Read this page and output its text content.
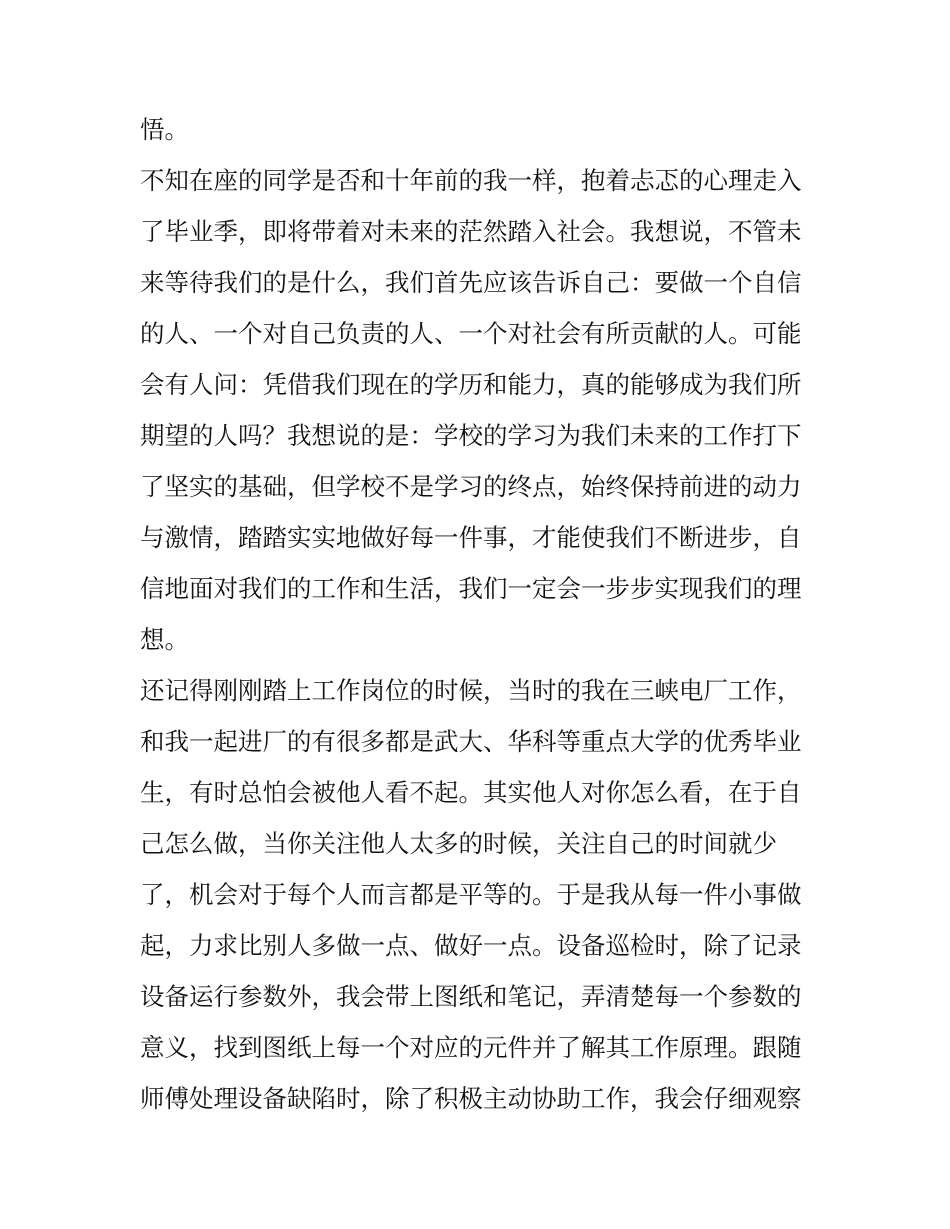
悟。
不知在座的同学是否和十年前的我一样，抱着忐忑的心理走入
了毕业季，即将带着对未来的茫然踏入社会。我想说，不管未
来等待我们的是什么，我们首先应该告诉自己：要做一个自信
的人、一个对自己负责的人、一个对社会有所贡献的人。可能
会有人问：凭借我们现在的学历和能力，真的能够成为我们所
期望的人吗？我想说的是：学校的学习为我们未来的工作打下
了坚实的基础，但学校不是学习的终点，始终保持前进的动力
与激情，踏踏实实地做好每一件事，才能使我们不断进步，自
信地面对我们的工作和生活，我们一定会一步步实现我们的理
想。
还记得刚刚踏上工作岗位的时候，当时的我在三峡电厂工作，
和我一起进厂的有很多都是武大、华科等重点大学的优秀毕业
生，有时总怕会被他人看不起。其实他人对你怎么看，在于自
己怎么做，当你关注他人太多的时候，关注自己的时间就少
了，机会对于每个人而言都是平等的。于是我从每一件小事做
起，力求比别人多做一点、做好一点。设备巡检时，除了记录
设备运行参数外，我会带上图纸和笔记，弄清楚每一个参数的
意义，找到图纸上每一个对应的元件并了解其工作原理。跟随
师傅处理设备缺陷时，除了积极主动协助工作，我会仔细观察
